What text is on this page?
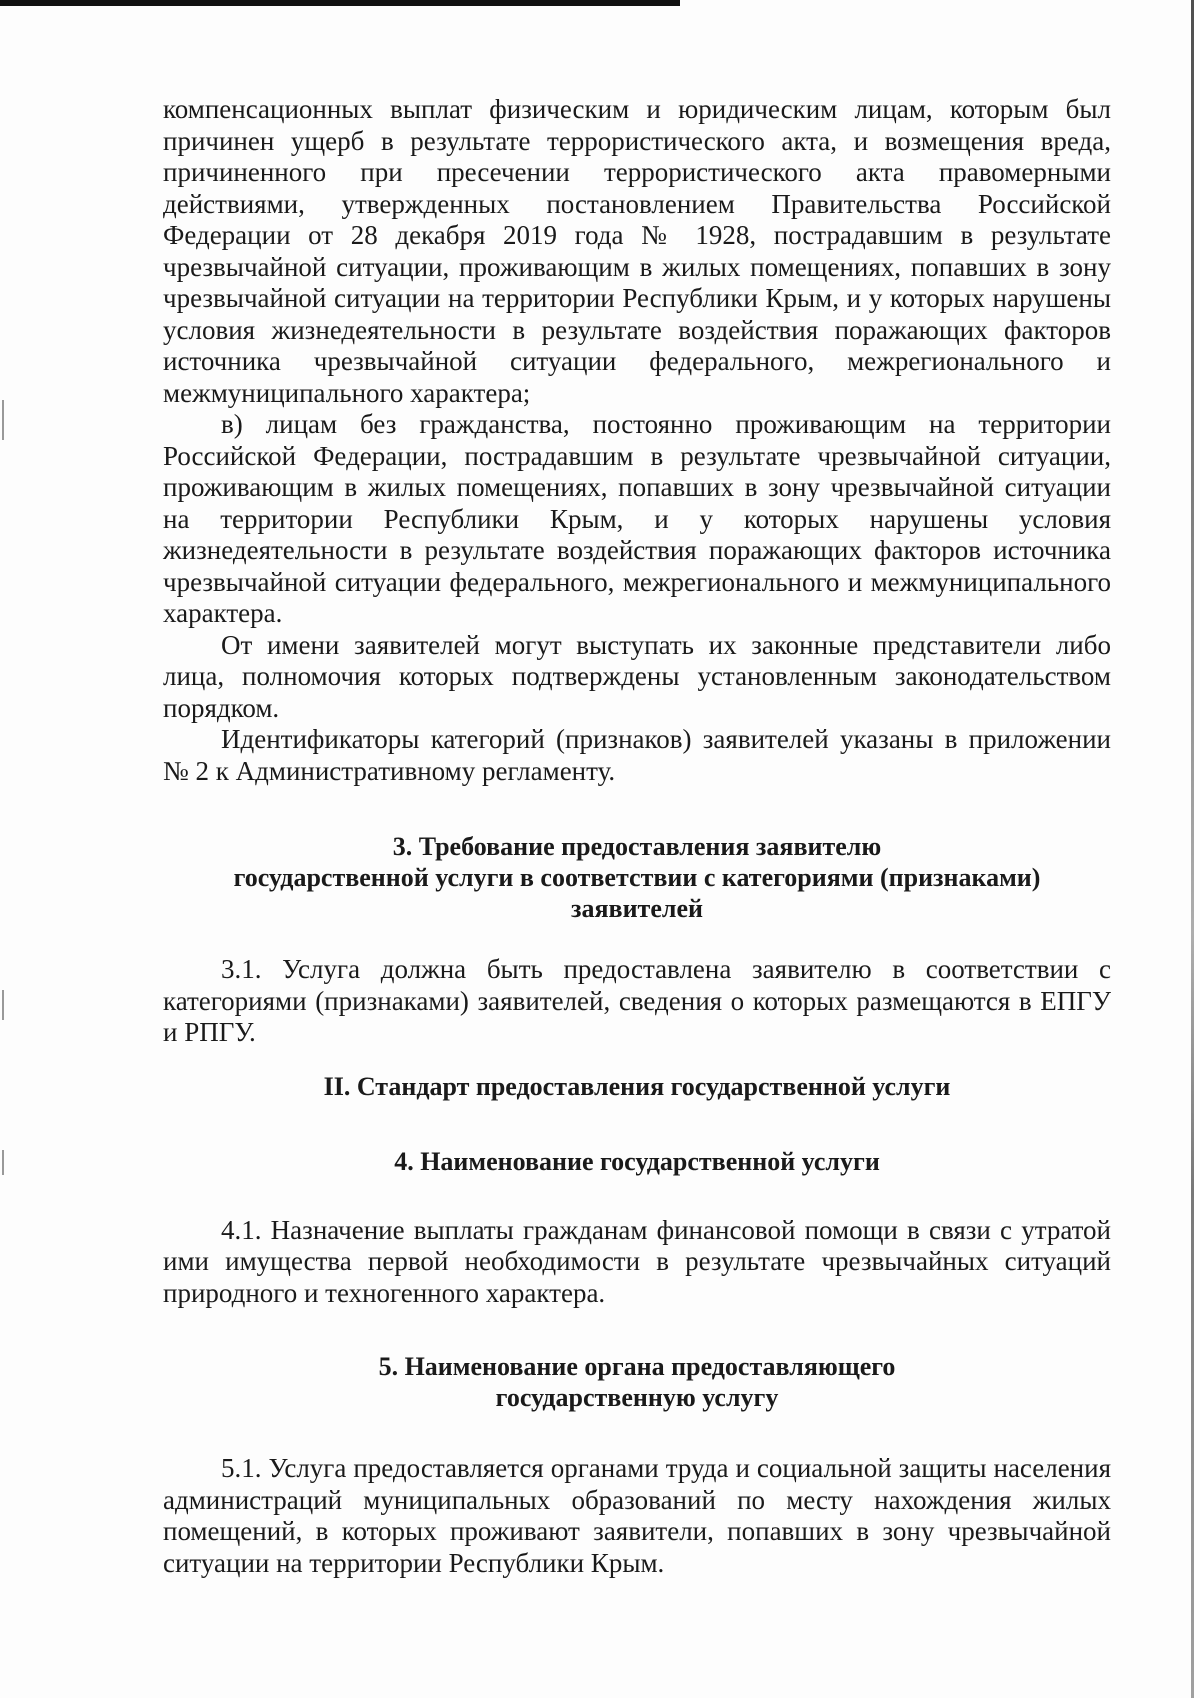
компенсационных выплат физическим и юридическим лицам, которым был причинен ущерб в результате террористического акта, и возмещения вреда, причиненного при пресечении террористического акта правомерными действиями, утвержденных постановлением Правительства Российской Федерации от 28 декабря 2019 года № 1928, пострадавшим в результате чрезвычайной ситуации, проживающим в жилых помещениях, попавших в зону чрезвычайной ситуации на территории Республики Крым, и у которых нарушены условия жизнедеятельности в результате воздействия поражающих факторов источника чрезвычайной ситуации федерального, межрегионального и межмуниципального характера;

в) лицам без гражданства, постоянно проживающим на территории Российской Федерации, пострадавшим в результате чрезвычайной ситуации, проживающим в жилых помещениях, попавших в зону чрезвычайной ситуации на территории Республики Крым, и у которых нарушены условия жизнедеятельности в результате воздействия поражающих факторов источника чрезвычайной ситуации федерального, межрегионального и межмуниципального характера.

От имени заявителей могут выступать их законные представители либо лица, полномочия которых подтверждены установленным законодательством порядком.

Идентификаторы категорий (признаков) заявителей указаны в приложении № 2 к Административному регламенту.

3. Требование предоставления заявителю

государственной услуги в соответствии с категориями (признаками)

заявителей

3.1. Услуга должна быть предоставлена заявителю в соответствии с категориями (признаками) заявителей, сведения о которых размещаются в ЕПГУ и РПГУ.

II. Стандарт предоставления государственной услуги

4. Наименование государственной услуги

4.1. Назначение выплаты гражданам финансовой помощи в связи с утратой ими имущества первой необходимости в результате чрезвычайных ситуаций природного и техногенного характера.

5. Наименование органа предоставляющего

государственную услугу

5.1. Услуга предоставляется органами труда и социальной защиты населения администраций муниципальных образований по месту нахождения жилых помещений, в которых проживают заявители, попавших в зону чрезвычайной ситуации на территории Республики Крым.
